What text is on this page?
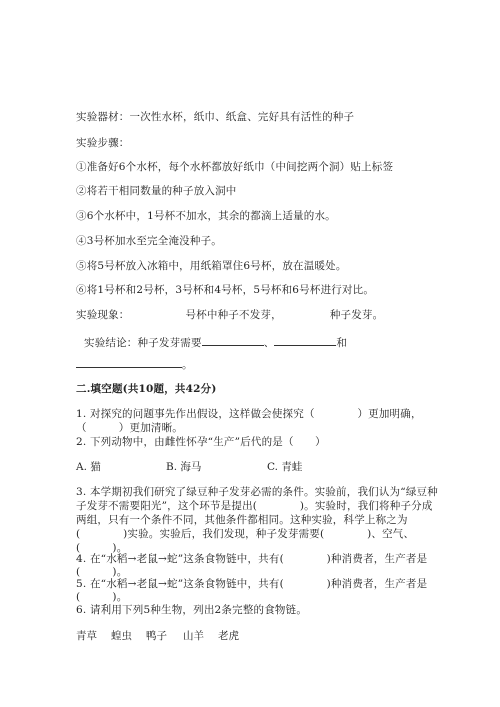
实验器材：一次性水杯，纸巾、纸盒、完好具有活性的种子
实验步骤：
①准备好6个水杯，每个水杯都放好纸巾（中间挖两个洞）贴上标签
②将若干相同数量的种子放入洞中
③6个水杯中，1号杯不加水，其余的都滴上适量的水。
④3号杯加水至完全淹没种子。
⑤将5号杯放入冰箱中，用纸箱罩住6号杯，放在温暖处。
⑥将1号杯和2号杯，3号杯和4号杯，5号杯和6号杯进行对比。
实验现象：	号杯中种子不发芽，	种子发芽。
实验结论：种子发芽需要	、	和
。
二.填空题(共10题，共42分)
1. 对探究的问题事先作出假设，这样做会使探究（　　　　）更加明确，
（　　　）更加清晰。
2. 下列动物中，由雌性怀孕“生产”后代的是（　　）
A. 猫	B. 海马	C. 青蛙
3. 本学期初我们研究了绿豆种子发芽必需的条件。实验前，我们认为“绿豆种
子发芽不需要阳光”，这个环节是提出(　　　　)。实验时，我们将种子分成
两组，只有一个条件不同，其他条件都相同。这种实验，科学上称之为
(　　　　)实验。实验后，我们发现，种子发芽需要(　　　　)、空气、
(　　　)。
4. 在“水稻→老鼠→蛇”这条食物链中，共有(　　　　)种消费者，生产者是
(　　　)。
5. 在“水稻→老鼠→蛇”这条食物链中，共有(　　　　)种消费者，生产者是
(　　　)。
6. 请利用下列5种生物，列出2条完整的食物链。
青草 蝗虫 鸭子 山羊 老虎
